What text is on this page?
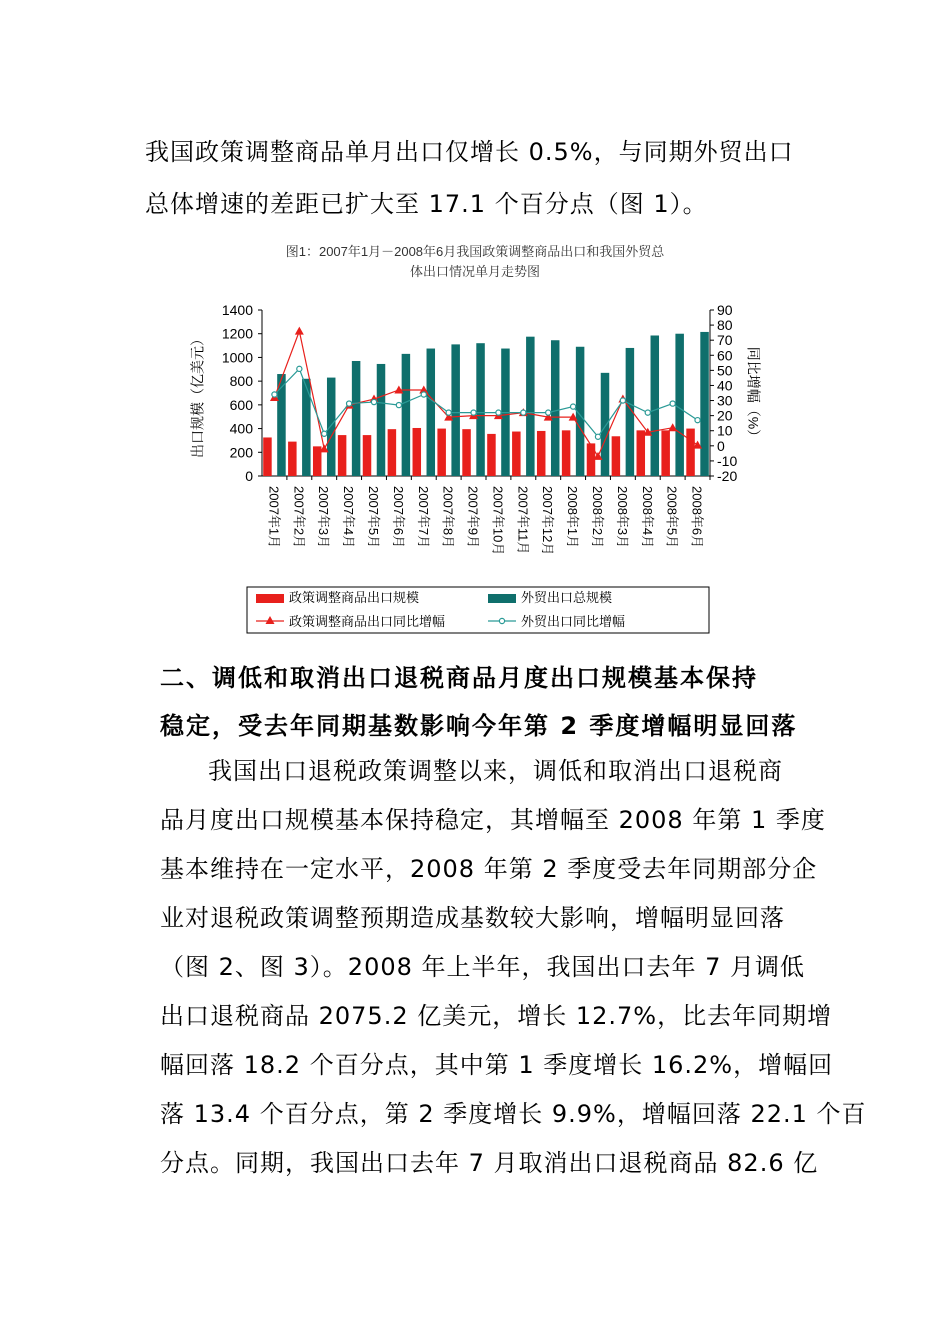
我国政策调整商品单月出口仅增长 0.5%，与同期外贸出口
总体增速的差距已扩大至 17.1 个百分点（图 1）。
图1：2007年1月－2008年6月我国政策调整商品出口和我国外贸总
体出口情况单月走势图
出口规模（亿美元）	同比增幅（%）
0
200
400
600
800
1000
1200
1400
-20
-10
0
10
20
30
40
50
60
70
80
90
2007年1月 2007年2月 2007年3月 2007年4月 2007年5月 2007年6月 2007年7月 2007年8月 2007年9月 2007年10月 2007年11月 2007年12月 2008年1月 2008年2月 2008年3月 2008年4月 2008年5月 2008年6月
政策调整商品出口规模	外贸出口总规模
政策调整商品出口同比增幅	外贸出口同比增幅
二、调低和取消出口退税商品月度出口规模基本保持
稳定，受去年同期基数影响今年第 2 季度增幅明显回落
我国出口退税政策调整以来，调低和取消出口退税商
品月度出口规模基本保持稳定，其增幅至 2008 年第 1 季度
基本维持在一定水平，2008 年第 2 季度受去年同期部分企
业对退税政策调整预期造成基数较大影响，增幅明显回落
（图 2、图 3）。2008 年上半年，我国出口去年 7 月调低
出口退税商品 2075.2 亿美元，增长 12.7%，比去年同期增
幅回落 18.2 个百分点，其中第 1 季度增长 16.2%，增幅回
落 13.4 个百分点，第 2 季度增长 9.9%，增幅回落 22.1 个百
分点。同期，我国出口去年 7 月取消出口退税商品 82.6 亿
